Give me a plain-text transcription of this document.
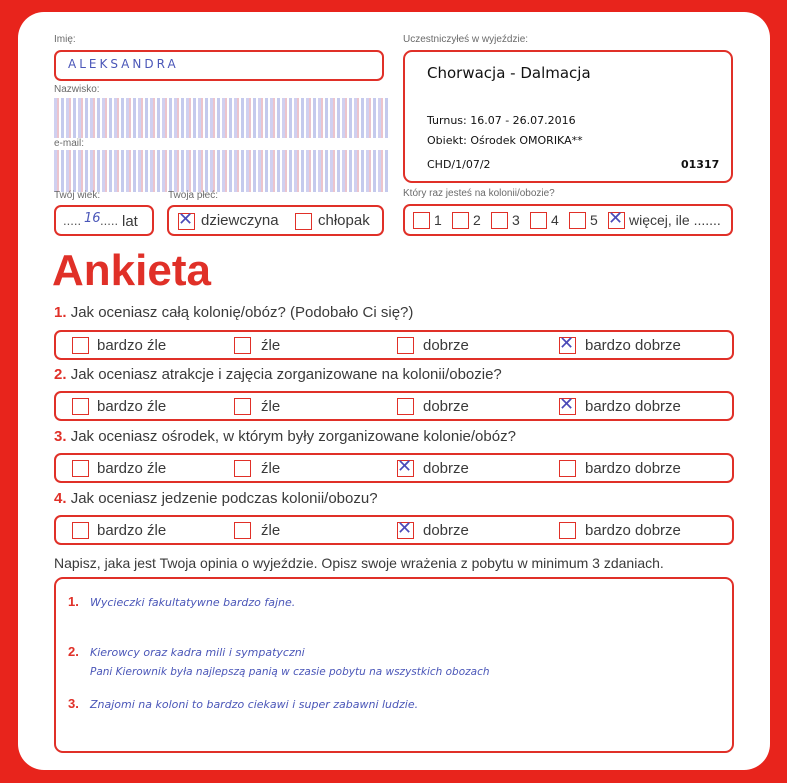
Imię:
ALEKSANDRA
Nazwisko:
e-mail:
Twój wiek:
..... 16 ..... lat
Twoja płeć:
✕ dziewczyna	chłopak
Uczestniczyłeś w wyjeździe:
Chorwacja - Dalmacja
Turnus: 16.07 - 26.07.2016
Obiekt: Ośrodek OMORIKA**
CHD/1/07/2	01317
Który raz jesteś na kolonii/obozie?
1 2 3 4 5 ✕ więcej, ile .......
Ankieta
1. Jak oceniasz całą kolonię/obóz? (Podobało Ci się?)
bardzo źle	źle	dobrze	✕ bardzo dobrze
2. Jak oceniasz atrakcje i zajęcia zorganizowane na kolonii/obozie?
bardzo źle	źle	dobrze	✕ bardzo dobrze
3. Jak oceniasz ośrodek, w którym były zorganizowane kolonie/obóz?
bardzo źle	źle	✕ dobrze	bardzo dobrze
4. Jak oceniasz jedzenie podczas kolonii/obozu?
bardzo źle	źle	✕ dobrze	bardzo dobrze
Napisz, jaka jest Twoja opinia o wyjeździe. Opisz swoje wrażenia z pobytu w minimum 3 zdaniach.
1. Wycieczki fakultatywne bardzo fajne.
2. Kierowcy oraz kadra mili i sympatyczni
Pani Kierownik była najlepszą panią w czasie pobytu na wszystkich obozach
3. Znajomi na koloni to bardzo ciekawi i super zabawni ludzie.
